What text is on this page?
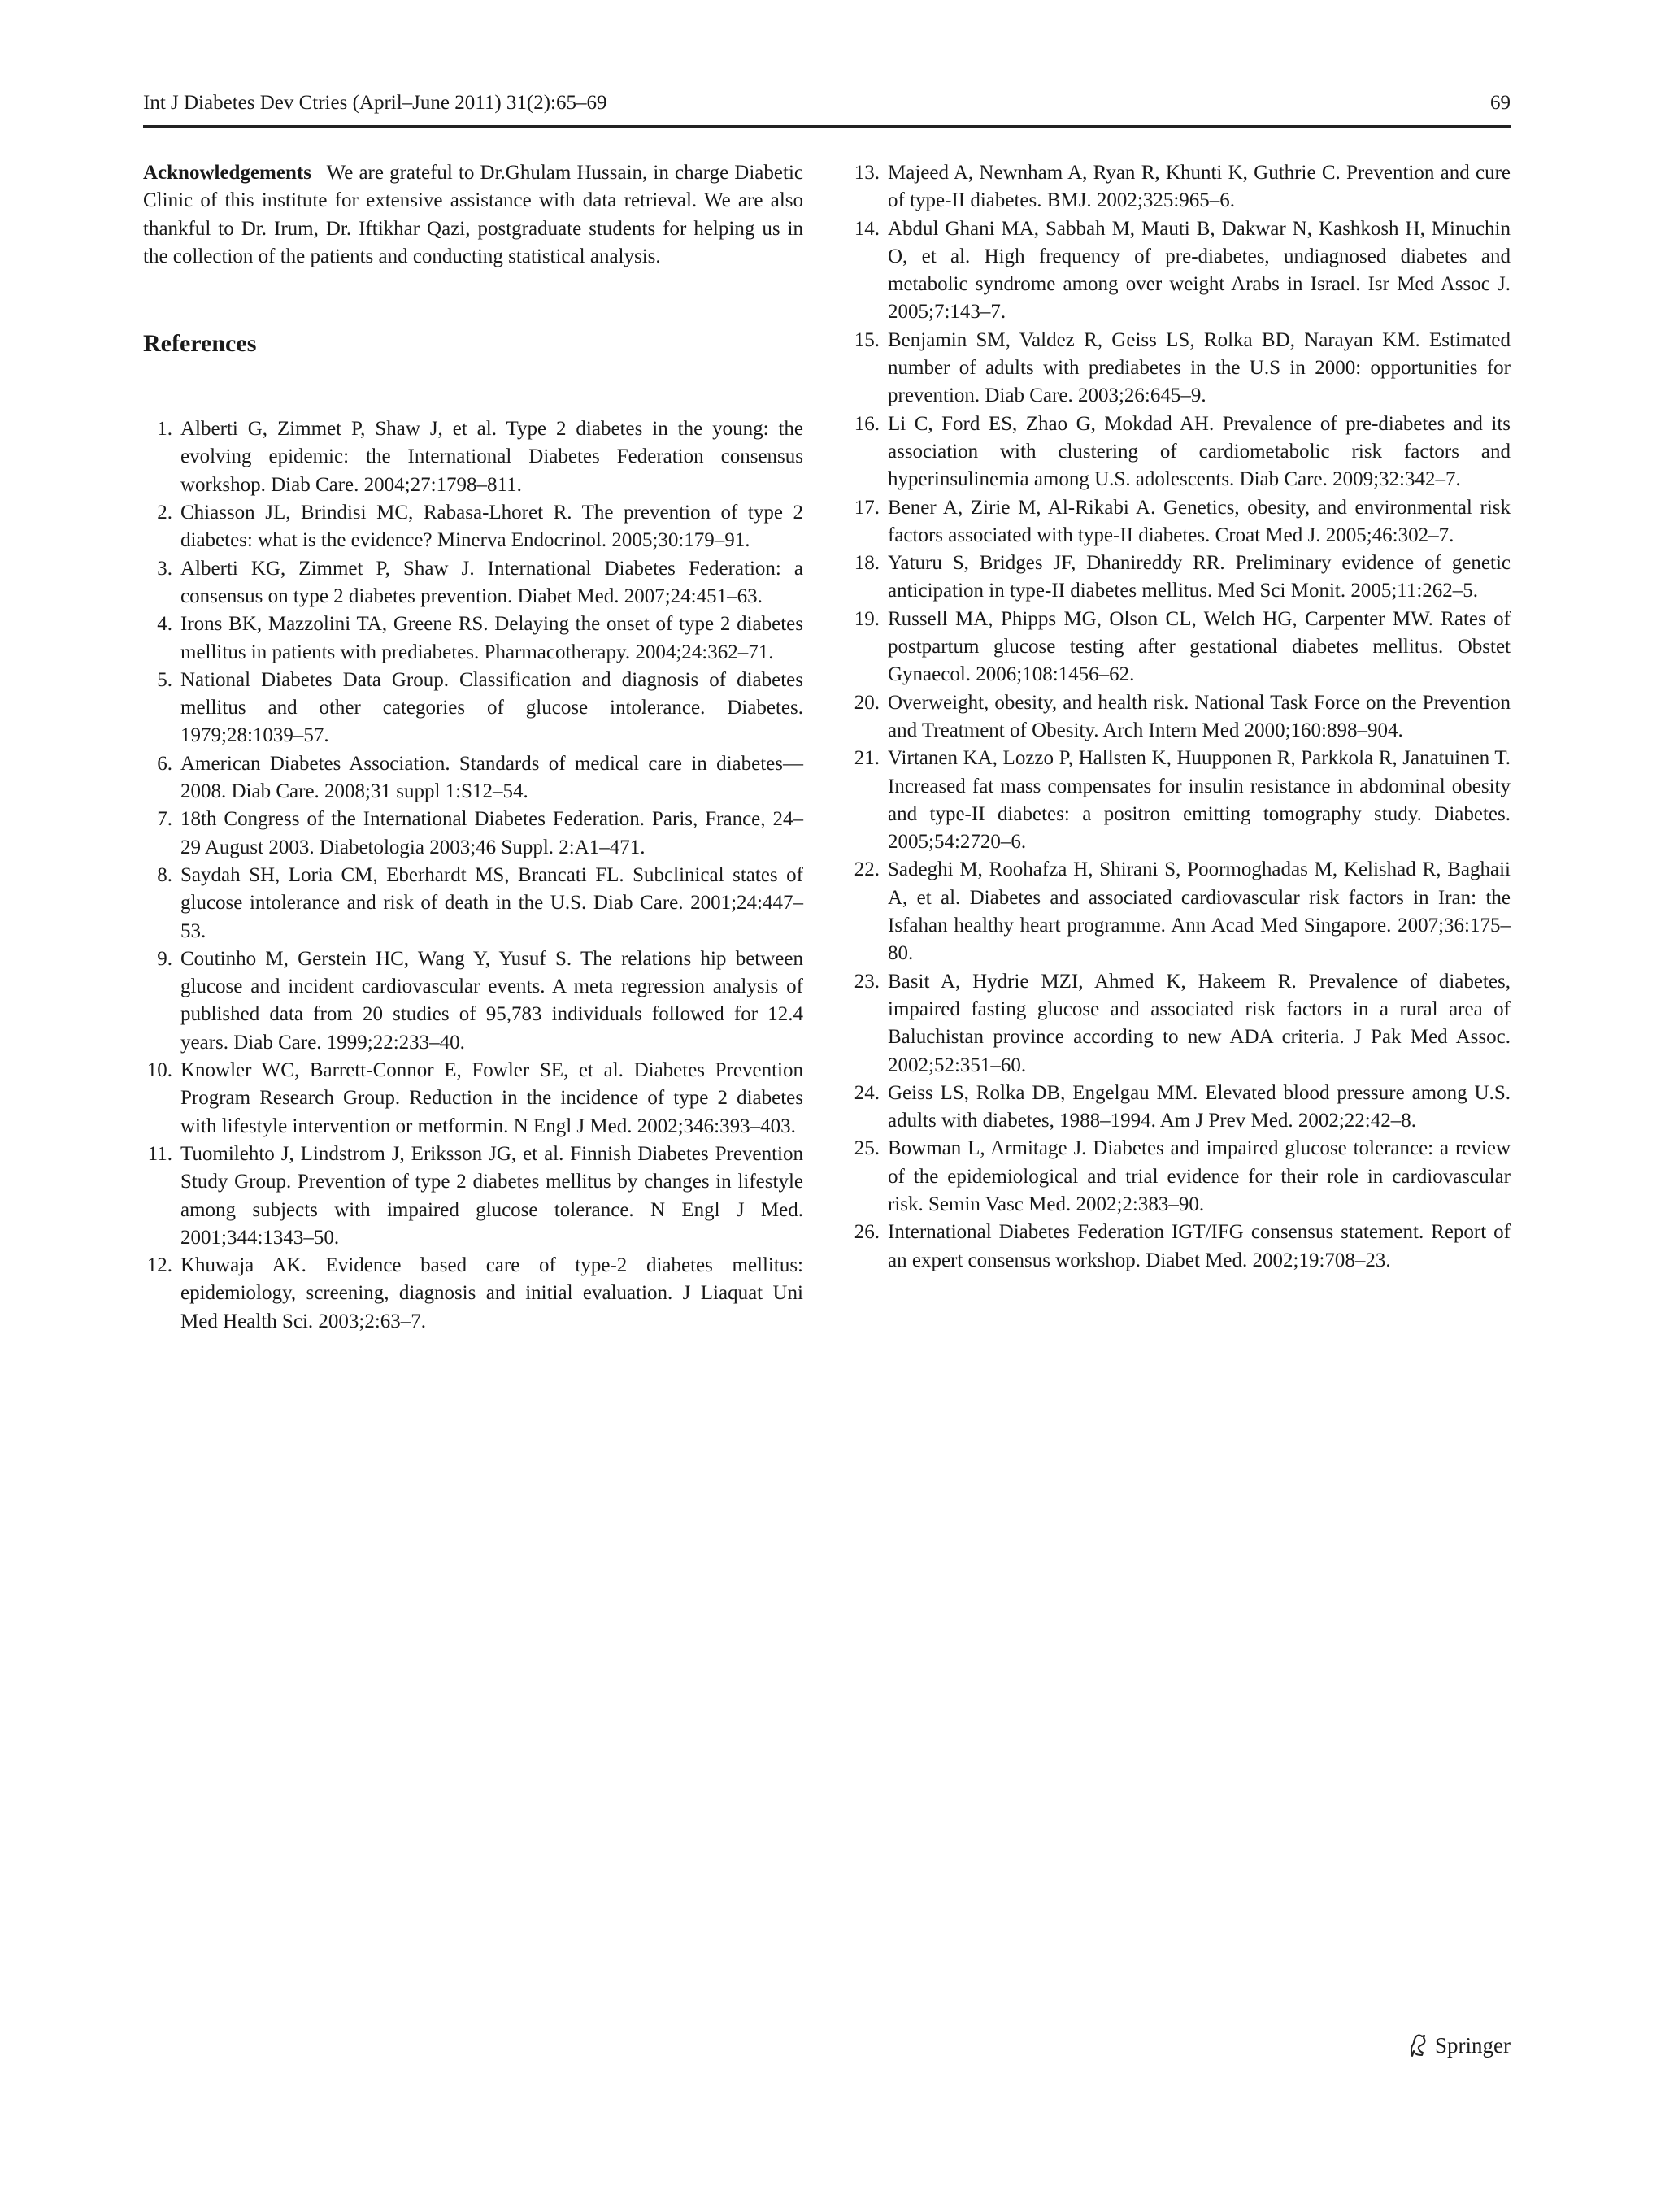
Int J Diabetes Dev Ctries (April–June 2011) 31(2):65–69	69

Acknowledgements We are grateful to Dr.Ghulam Hussain, in charge Diabetic Clinic of this institute for extensive assistance with data retrieval. We are also thankful to Dr. Irum, Dr. Iftikhar Qazi, postgraduate students for helping us in the collection of the patients and conducting statistical analysis.

References
1. Alberti G, Zimmet P, Shaw J, et al. Type 2 diabetes in the young: the evolving epidemic: the International Diabetes Federation consensus workshop. Diab Care. 2004;27:1798–811.
2. Chiasson JL, Brindisi MC, Rabasa-Lhoret R. The prevention of type 2 diabetes: what is the evidence? Minerva Endocrinol. 2005;30:179–91.
3. Alberti KG, Zimmet P, Shaw J. International Diabetes Federation: a consensus on type 2 diabetes prevention. Diabet Med. 2007;24:451–63.
4. Irons BK, Mazzolini TA, Greene RS. Delaying the onset of type 2 diabetes mellitus in patients with prediabetes. Pharmacotherapy. 2004;24:362–71.
5. National Diabetes Data Group. Classification and diagnosis of diabetes mellitus and other categories of glucose intolerance. Diabetes. 1979;28:1039–57.
6. American Diabetes Association. Standards of medical care in diabetes—2008. Diab Care. 2008;31 suppl 1:S12–54.
7. 18th Congress of the International Diabetes Federation. Paris, France, 24–29 August 2003. Diabetologia 2003;46 Suppl. 2:A1–471.
8. Saydah SH, Loria CM, Eberhardt MS, Brancati FL. Subclinical states of glucose intolerance and risk of death in the U.S. Diab Care. 2001;24:447–53.
9. Coutinho M, Gerstein HC, Wang Y, Yusuf S. The relations hip between glucose and incident cardiovascular events. A meta regression analysis of published data from 20 studies of 95,783 individuals followed for 12.4 years. Diab Care. 1999;22:233–40.
10. Knowler WC, Barrett-Connor E, Fowler SE, et al. Diabetes Prevention Program Research Group. Reduction in the incidence of type 2 diabetes with lifestyle intervention or metformin. N Engl J Med. 2002;346:393–403.
11. Tuomilehto J, Lindstrom J, Eriksson JG, et al. Finnish Diabetes Prevention Study Group. Prevention of type 2 diabetes mellitus by changes in lifestyle among subjects with impaired glucose tolerance. N Engl J Med. 2001;344:1343–50.
12. Khuwaja AK. Evidence based care of type-2 diabetes mellitus: epidemiology, screening, diagnosis and initial evaluation. J Liaquat Uni Med Health Sci. 2003;2:63–7.
13. Majeed A, Newnham A, Ryan R, Khunti K, Guthrie C. Prevention and cure of type-II diabetes. BMJ. 2002;325:965–6.
14. Abdul Ghani MA, Sabbah M, Mauti B, Dakwar N, Kashkosh H, Minuchin O, et al. High frequency of pre-diabetes, undiagnosed diabetes and metabolic syndrome among over weight Arabs in Israel. Isr Med Assoc J. 2005;7:143–7.
15. Benjamin SM, Valdez R, Geiss LS, Rolka BD, Narayan KM. Estimated number of adults with prediabetes in the U.S in 2000: opportunities for prevention. Diab Care. 2003;26:645–9.
16. Li C, Ford ES, Zhao G, Mokdad AH. Prevalence of pre-diabetes and its association with clustering of cardiometabolic risk factors and hyperinsulinemia among U.S. adolescents. Diab Care. 2009;32:342–7.
17. Bener A, Zirie M, Al-Rikabi A. Genetics, obesity, and environmental risk factors associated with type-II diabetes. Croat Med J. 2005;46:302–7.
18. Yaturu S, Bridges JF, Dhanireddy RR. Preliminary evidence of genetic anticipation in type-II diabetes mellitus. Med Sci Monit. 2005;11:262–5.
19. Russell MA, Phipps MG, Olson CL, Welch HG, Carpenter MW. Rates of postpartum glucose testing after gestational diabetes mellitus. Obstet Gynaecol. 2006;108:1456–62.
20. Overweight, obesity, and health risk. National Task Force on the Prevention and Treatment of Obesity. Arch Intern Med 2000;160:898–904.
21. Virtanen KA, Lozzo P, Hallsten K, Huupponen R, Parkkola R, Janatuinen T. Increased fat mass compensates for insulin resistance in abdominal obesity and type-II diabetes: a positron emitting tomography study. Diabetes. 2005;54:2720–6.
22. Sadeghi M, Roohafza H, Shirani S, Poormoghadas M, Kelishad R, Baghaii A, et al. Diabetes and associated cardiovascular risk factors in Iran: the Isfahan healthy heart programme. Ann Acad Med Singapore. 2007;36:175–80.
23. Basit A, Hydrie MZI, Ahmed K, Hakeem R. Prevalence of diabetes, impaired fasting glucose and associated risk factors in a rural area of Baluchistan province according to new ADA criteria. J Pak Med Assoc. 2002;52:351–60.
24. Geiss LS, Rolka DB, Engelgau MM. Elevated blood pressure among U.S. adults with diabetes, 1988–1994. Am J Prev Med. 2002;22:42–8.
25. Bowman L, Armitage J. Diabetes and impaired glucose tolerance: a review of the epidemiological and trial evidence for their role in cardiovascular risk. Semin Vasc Med. 2002;2:383–90.
26. International Diabetes Federation IGT/IFG consensus statement. Report of an expert consensus workshop. Diabet Med. 2002;19:708–23.
Springer
